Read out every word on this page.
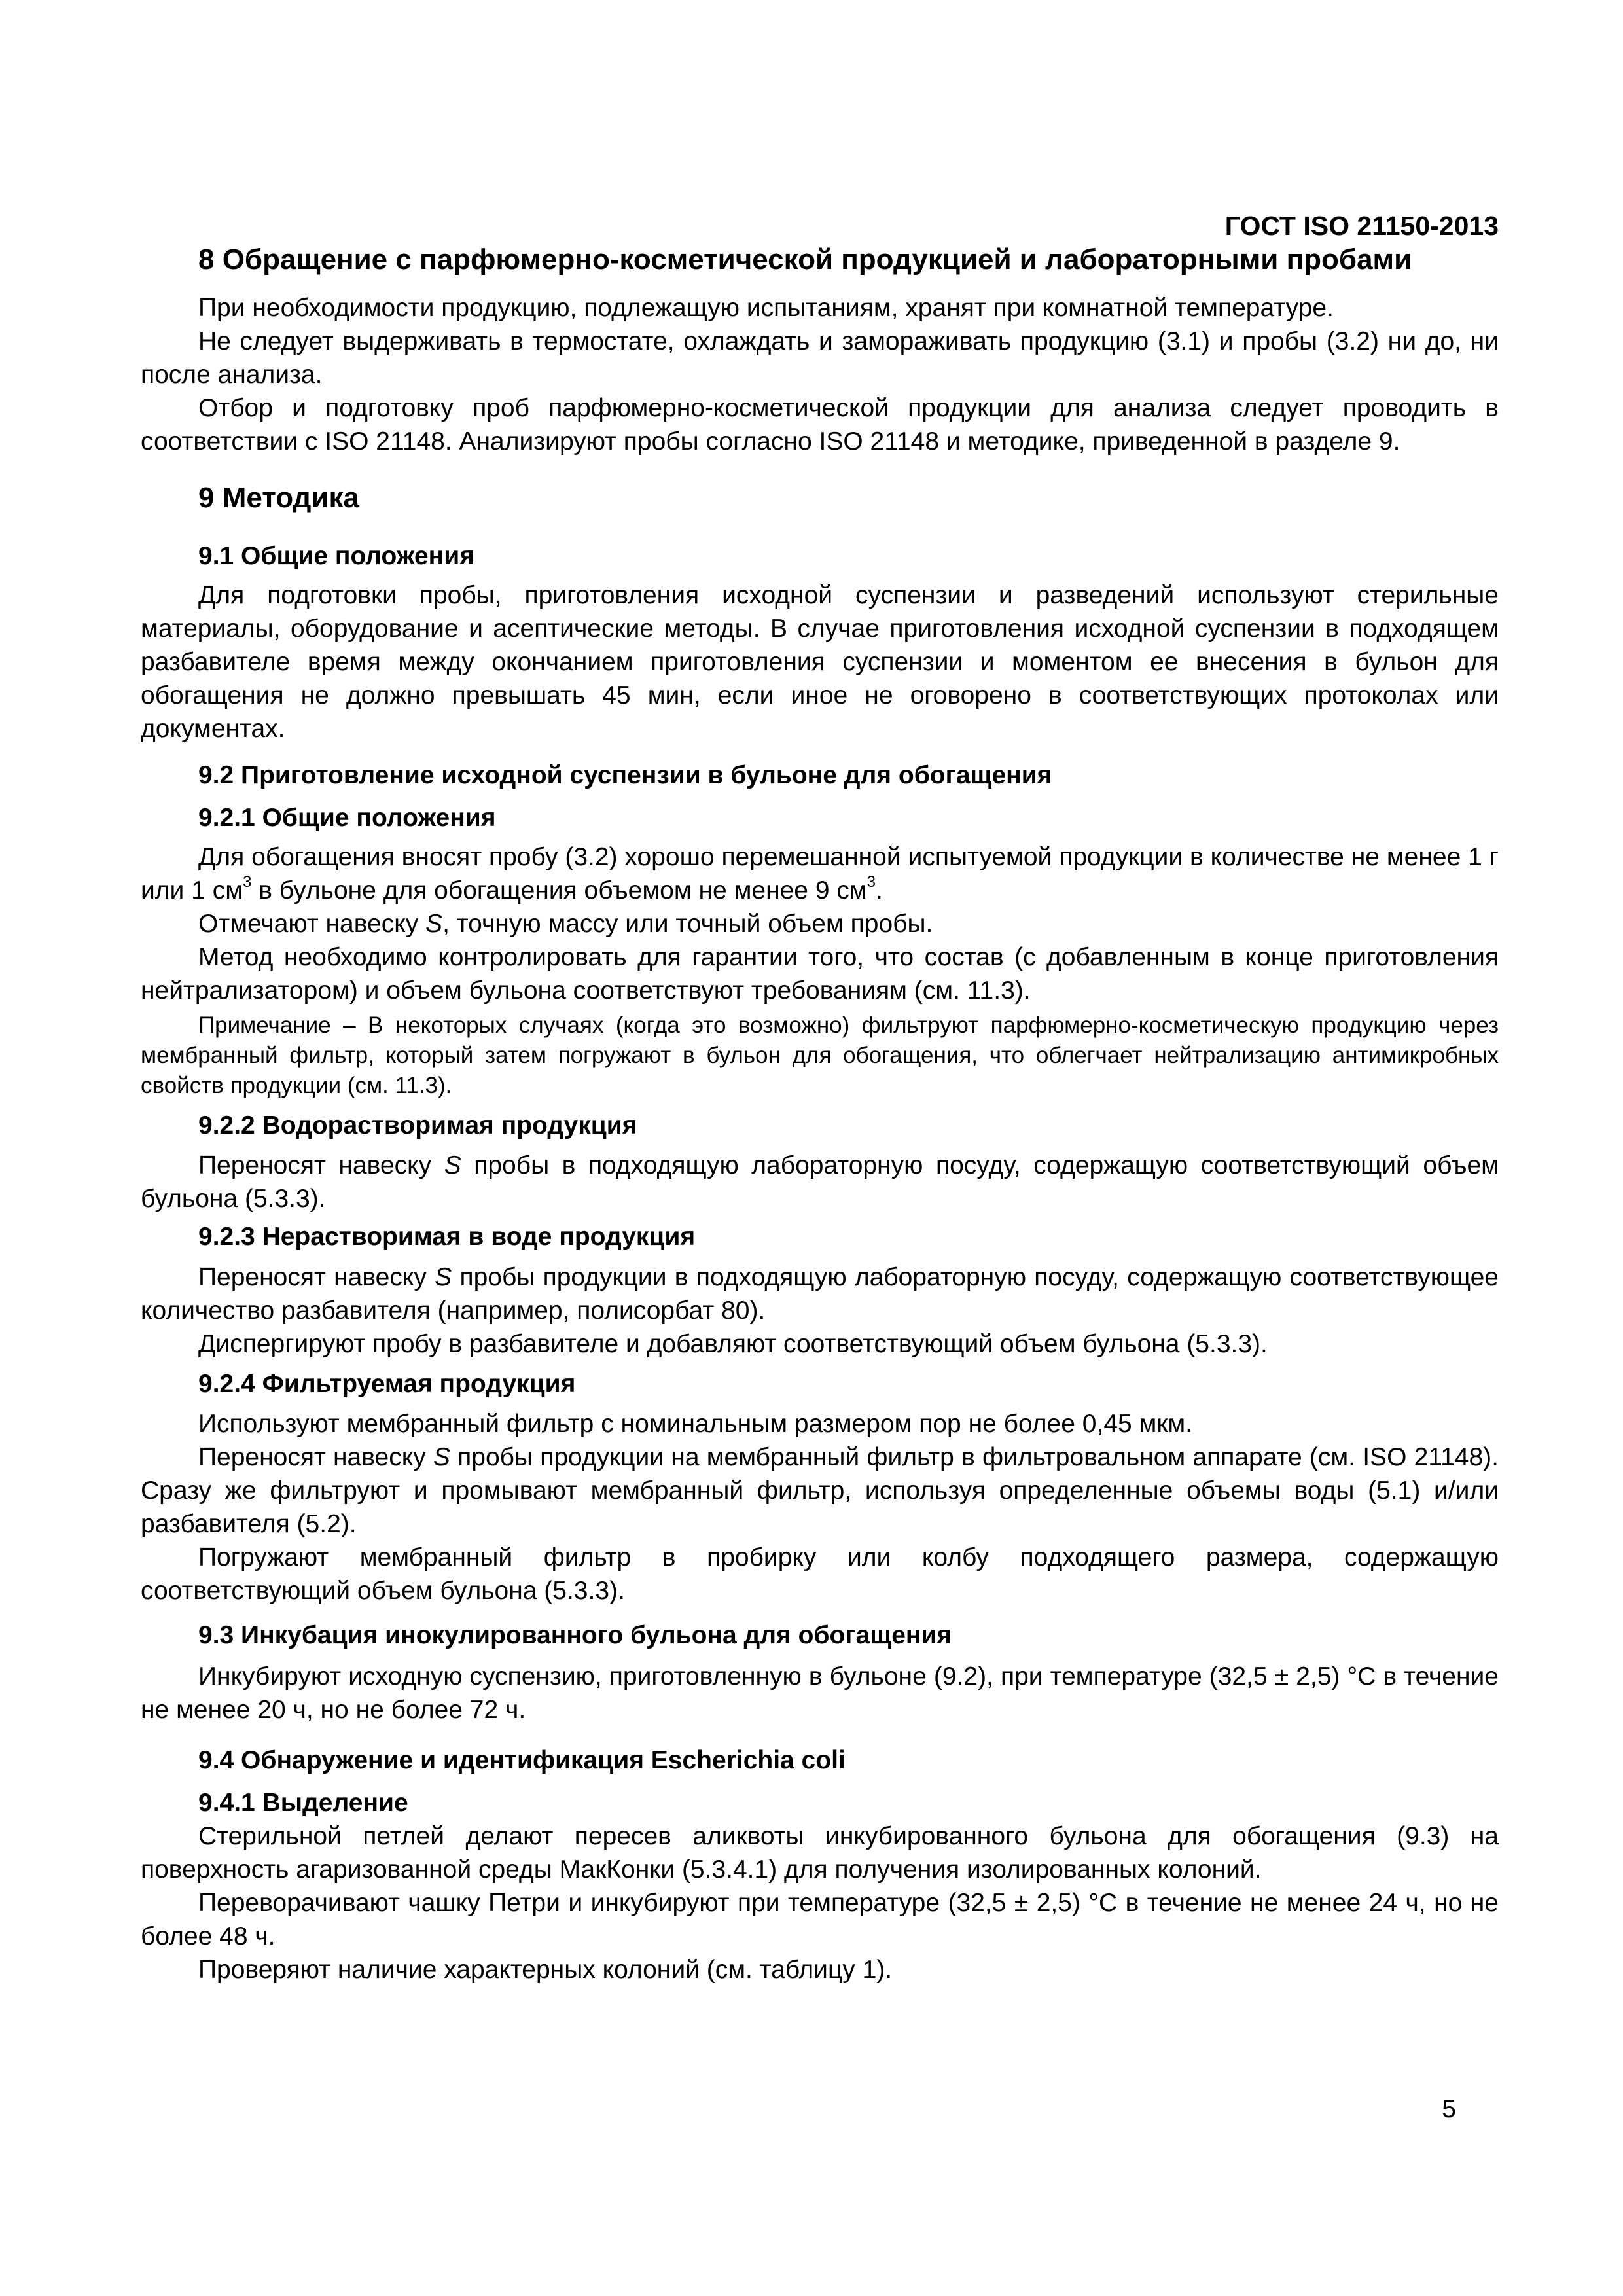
ГОСТ ISO 21150-2013
8 Обращение с парфюмерно-косметической продукцией и лабораторными пробами

При необходимости продукцию, подлежащую испытаниям, хранят при комнатной температуре.

Не следует выдерживать в термостате, охлаждать и замораживать продукцию (3.1) и пробы (3.2) ни до, ни после анализа.

Отбор и подготовку проб парфюмерно-косметической продукции для анализа следует проводить в соответствии с ISO 21148. Анализируют пробы согласно ISO 21148 и методике, приведенной в разделе 9.

9 Методика
9.1 Общие положения

Для подготовки пробы, приготовления исходной суспензии и разведений используют стерильные материалы, оборудование и асептические методы. В случае приготовления исходной суспензии в подходящем разбавителе время между окончанием приготовления суспензии и моментом ее внесения в бульон для обогащения не должно превышать 45 мин, если иное не оговорено в соответствующих протоколах или документах.

9.2 Приготовление исходной суспензии в бульоне для обогащения
9.2.1 Общие положения

Для обогащения вносят пробу (3.2) хорошо перемешанной испытуемой продукции в количестве не менее 1 г или 1 $см^3$ в бульоне для обогащения объемом не менее 9 $см^3$.

Отмечают навеску S, точную массу или точный объем пробы.

Метод необходимо контролировать для гарантии того, что состав (с добавленным в конце приготовления нейтрализатором) и объем бульона соответствуют требованиям (см. 11.3).

Примечание – В некоторых случаях (когда это возможно) фильтруют парфюмерно-косметическую продукцию через мембранный фильтр, который затем погружают в бульон для обогащения, что облегчает нейтрализацию антимикробных свойств продукции (см. 11.3).

9.2.2 Водорастворимая продукция

Переносят навеску S пробы в подходящую лабораторную посуду, содержащую соответствующий объем бульона (5.3.3).

9.2.3 Нерастворимая в воде продукция

Переносят навеску S пробы продукции в подходящую лабораторную посуду, содержащую соответствующее количество разбавителя (например, полисорбат 80).

Диспергируют пробу в разбавителе и добавляют соответствующий объем бульона (5.3.3).

9.2.4 Фильтруемая продукция

Используют мембранный фильтр с номинальным размером пор не более 0,45 мкм.

Переносят навеску S пробы продукции на мембранный фильтр в фильтровальном аппарате (см. ISO 21148). Сразу же фильтруют и промывают мембранный фильтр, используя определенные объемы воды (5.1) и/или разбавителя (5.2).

Погружают мембранный фильтр в пробирку или колбу подходящего размера, содержащую соответствующий объем бульона (5.3.3).

9.3 Инкубация инокулированного бульона для обогащения

Инкубируют исходную суспензию, приготовленную в бульоне (9.2), при температуре (32,5 ± 2,5) °С в течение не менее 20 ч, но не более 72 ч.

9.4 Обнаружение и идентификация Escherichia coli
9.4.1 Выделение

Стерильной петлей делают пересев аликвоты инкубированного бульона для обогащения (9.3) на поверхность агаризованной среды МакКонки (5.3.4.1) для получения изолированных колоний.

Переворачивают чашку Петри и инкубируют при температуре (32,5 ± 2,5) °С в течение не менее 24 ч, но не более 48 ч.

Проверяют наличие характерных колоний (см. таблицу 1).

5
